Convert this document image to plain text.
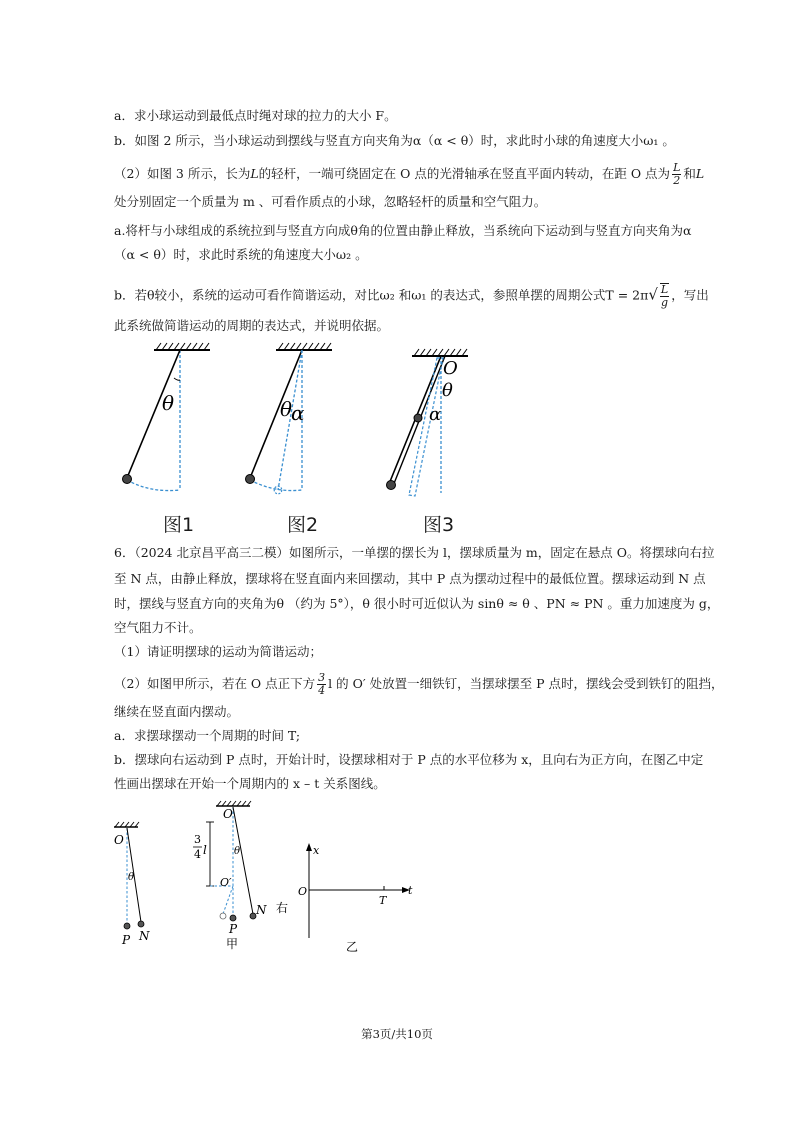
a．求小球运动到最低点时绳对球的拉力的大小 F。
b．如图 2 所示，当小球运动到摆线与竖直方向夹角为α（α < θ）时，求此时小球的角速度大小ω₁ 。
（2）如图 3 所示，长为L的轻杆，一端可绕固定在 O 点的光滑轴承在竖直平面内转动，在距 O 点为 $\frac{L}{2}$ 和L
处分别固定一个质量为 m 、可看作质点的小球，忽略轻杆的质量和空气阻力。
a.将杆与小球组成的系统拉到与竖直方向成θ角的位置由静止释放，当系统向下运动到与竖直方向夹角为α
（α < θ）时，求此时系统的角速度大小ω₂ 。
b．若θ较小，系统的运动可看作简谐运动，对比ω₂ 和ω₁ 的表达式，参照单摆的周期公式$T = 2\pi√ \frac{L}{g}$ ，写出
此系统做简谐运动的周期的表达式，并说明依据。
θ	θ
α
O
θ
α
图1	图2	图3
6．（2024 北京昌平高三二模）如图所示，一单摆的摆长为 l，摆球质量为 m，固定在悬点 O。将摆球向右拉
至 N 点，由静止释放，摆球将在竖直面内来回摆动，其中 P 点为摆动过程中的最低位置。摆球运动到 N 点
时，摆线与竖直方向的夹角为θ （约为 5°），θ 很小时可近似认为 sinθ ≈ θ 、PN ≈ PN 。重力加速度为 g，
空气阻力不计。
（1）请证明摆球的运动为简谐运动；
（2）如图甲所示，若在 O 点正下方 $\frac{3}{4}$ l 的 O′ 处放置一细铁钉，当摆球摆至 P 点时，摆线会受到铁钉的阻挡，
继续在竖直面内摆动。
a．求摆球摆动一个周期的时间 T;
b．摆球向右运动到 P 点时，开始计时，设摆球相对于 P 点的水平位移为 x，且向右为正方向，在图乙中定
性画出摆球在开始一个周期内的 x – t 关系图线。
O
θ
P N
O
θ
3
4 l
O′
P
N
甲
右
x
t
O
T
乙
第3页/共10页
